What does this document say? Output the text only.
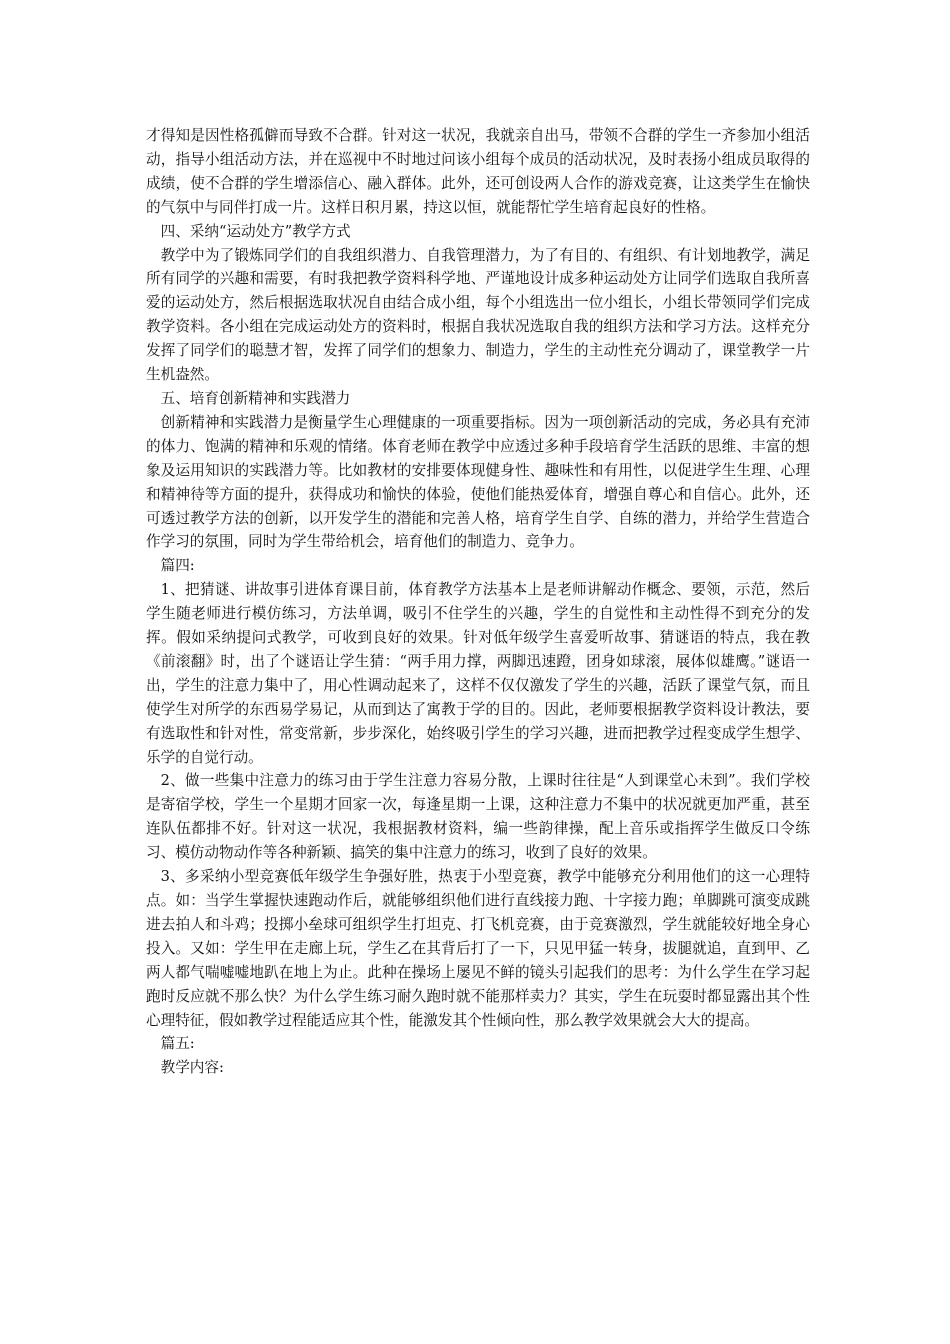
才得知是因性格孤僻而导致不合群。针对这一状况，我就亲自出马，带领不合群的学生一齐参加小组活动，指导小组活动方法，并在巡视中不时地过问该小组每个成员的活动状况，及时表扬小组成员取得的成绩，使不合群的学生增添信心、融入群体。此外，还可创设两人合作的游戏竞赛，让这类学生在愉快的气氛中与同伴打成一片。这样日积月累，持这以恒，就能帮忙学生培育起良好的性格。

四、采纳“运动处方”教学方式

教学中为了锻炼同学们的自我组织潜力、自我管理潜力，为了有目的、有组织、有计划地教学，满足所有同学的兴趣和需要，有时我把教学资料科学地、严谨地设计成多种运动处方让同学们选取自我所喜爱的运动处方，然后根据选取状况自由结合成小组，每个小组选出一位小组长，小组长带领同学们完成教学资料。各小组在完成运动处方的资料时，根据自我状况选取自我的组织方法和学习方法。这样充分发挥了同学们的聪慧才智，发挥了同学们的想象力、制造力，学生的主动性充分调动了，课堂教学一片生机盎然。

五、培育创新精神和实践潜力

创新精神和实践潜力是衡量学生心理健康的一项重要指标。因为一项创新活动的完成，务必具有充沛的体力、饱满的精神和乐观的情绪。体育老师在教学中应透过多种手段培育学生活跃的思维、丰富的想象及运用知识的实践潜力等。比如教材的安排要体现健身性、趣味性和有用性，以促进学生生理、心理和精神待等方面的提升，获得成功和愉快的体验，使他们能热爱体育，增强自尊心和自信心。此外，还可透过教学方法的创新，以开发学生的潜能和完善人格，培育学生自学、自练的潜力，并给学生营造合作学习的氛围，同时为学生带给机会，培育他们的制造力、竞争力。

篇四:

1、把猜谜、讲故事引进体育课目前，体育教学方法基本上是老师讲解动作概念、要领，示范，然后学生随老师进行模仿练习，方法单调，吸引不住学生的兴趣，学生的自觉性和主动性得不到充分的发挥。假如采纳提问式教学，可收到良好的效果。针对低年级学生喜爱听故事、猜谜语的特点，我在教《前滚翻》时，出了个谜语让学生猜：“两手用力撑，两脚迅速蹬，团身如球滚，展体似雄鹰。”谜语一出，学生的注意力集中了，用心性调动起来了，这样不仅仅激发了学生的兴趣，活跃了课堂气氛，而且使学生对所学的东西易学易记，从而到达了寓教于学的目的。因此，老师要根据教学资料设计教法，要有选取性和针对性，常变常新，步步深化，始终吸引学生的学习兴趣，进而把教学过程变成学生想学、乐学的自觉行动。

2、做一些集中注意力的练习由于学生注意力容易分散，上课时往往是“人到课堂心未到”。我们学校是寄宿学校，学生一个星期才回家一次，每逢星期一上课，这种注意力不集中的状况就更加严重，甚至连队伍都排不好。针对这一状况，我根据教材资料，编一些韵律操，配上音乐或指挥学生做反口令练习、模仿动物动作等各种新颖、搞笑的集中注意力的练习，收到了良好的效果。

3、多采纳小型竞赛低年级学生争强好胜，热衷于小型竞赛，教学中能够充分利用他们的这一心理特点。如：当学生掌握快速跑动作后，就能够组织他们进行直线接力跑、十字接力跑；单脚跳可演变成跳进去拍人和斗鸡；投掷小垒球可组织学生打坦克、打飞机竞赛，由于竞赛激烈，学生就能较好地全身心投入。又如：学生甲在走廊上玩，学生乙在其背后打了一下，只见甲猛一转身，拔腿就追，直到甲、乙两人都气喘嘘嘘地趴在地上为止。此种在操场上屡见不鲜的镜头引起我们的思考：为什么学生在学习起跑时反应就不那么快？为什么学生练习耐久跑时就不能那样卖力？其实，学生在玩耍时都显露出其个性心理特征，假如教学过程能适应其个性，能激发其个性倾向性，那么教学效果就会大大的提高。

篇五:

教学内容:
